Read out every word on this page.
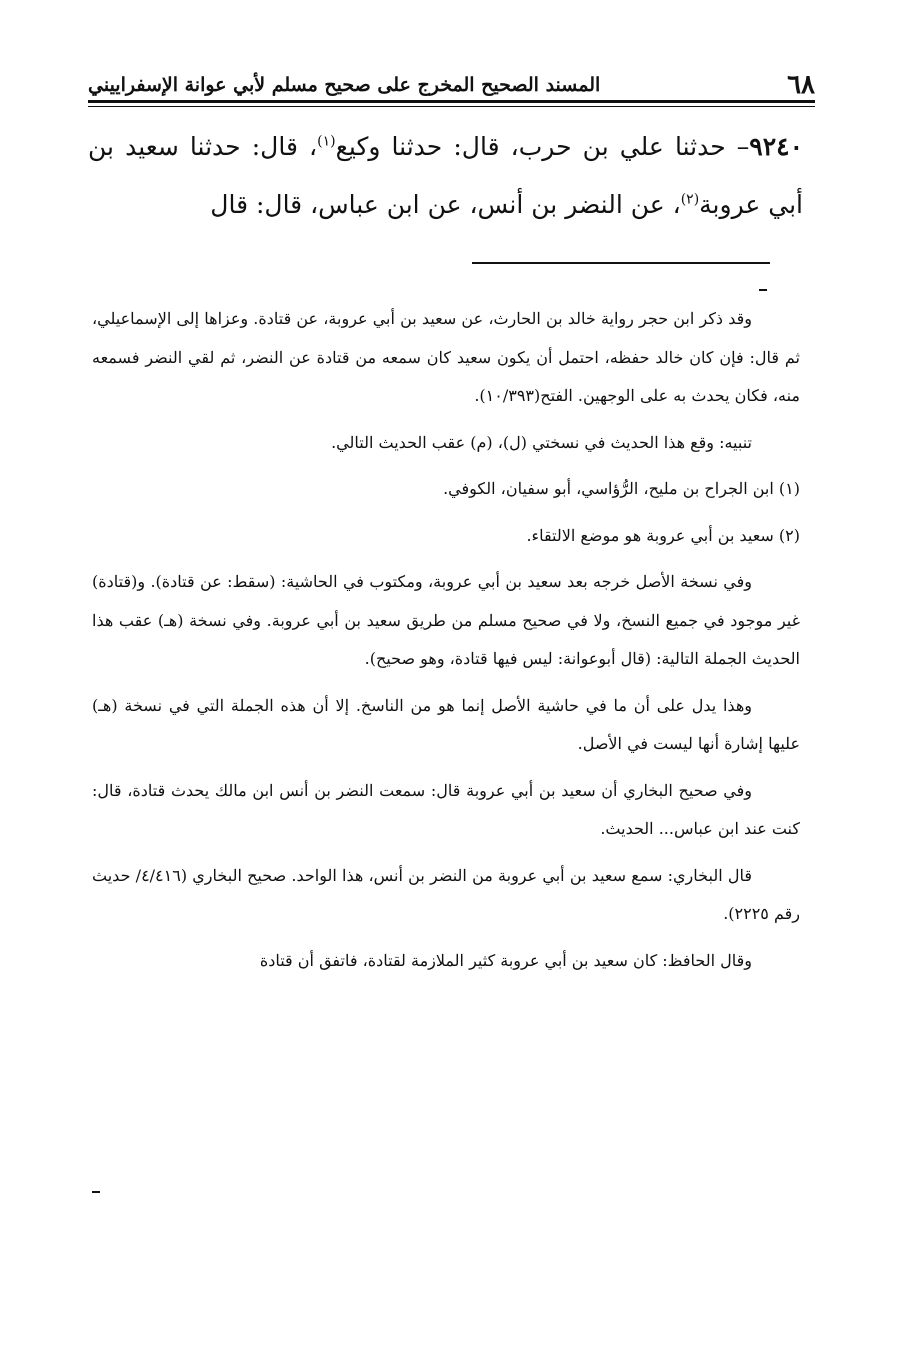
٦٨
المسند الصحيح المخرج على صحيح مسلم لأبي عوانة الإسفراييني

٩٢٤٠– حدثنا علي بن حرب، قال: حدثنا وكيع$^{(١)}$، قال: حدثنا سعيد بن أبي عروبة$^{(٢)}$، عن النضر بن أنس، عن ابن عباس، قال: قال

وقد ذكر ابن حجر رواية خالد بن الحارث، عن سعيد بن أبي عروبة، عن قتادة. وعزاها إلى الإسماعيلي، ثم قال: فإن كان خالد حفظه، احتمل أن يكون سعيد كان سمعه من قتادة عن النضر، ثم لقي النضر فسمعه منه، فكان يحدث به على الوجهين. الفتح(١٠/٣٩٣).

تنبيه: وقع هذا الحديث في نسختي (ل)، (م) عقب الحديث التالي.

(١) ابن الجراح بن مليح، الرُّؤاسي، أبو سفيان، الكوفي.

(٢) سعيد بن أبي عروبة هو موضع الالتقاء.

وفي نسخة الأصل خرجه بعد سعيد بن أبي عروبة، ومكتوب في الحاشية: (سقط: عن قتادة). و(قتادة) غير موجود في جميع النسخ، ولا في صحيح مسلم من طريق سعيد بن أبي عروبة. وفي نسخة (هـ) عقب هذا الحديث الجملة التالية: (قال أبوعوانة: ليس فيها قتادة، وهو صحيح).

وهذا يدل على أن ما في حاشية الأصل إنما هو من الناسخ. إلا أن هذه الجملة التي في نسخة (هـ) عليها إشارة أنها ليست في الأصل.

وفي صحيح البخاري أن سعيد بن أبي عروبة قال: سمعت النضر بن أنس ابن مالك يحدث قتادة، قال: كنت عند ابن عباس... الحديث.

قال البخاري: سمع سعيد بن أبي عروبة من النضر بن أنس، هذا الواحد. صحيح البخاري (٤/٤١٦/ حديث رقم ٢٢٢٥).

وقال الحافظ: كان سعيد بن أبي عروبة كثير الملازمة لقتادة، فاتفق أن قتادة
